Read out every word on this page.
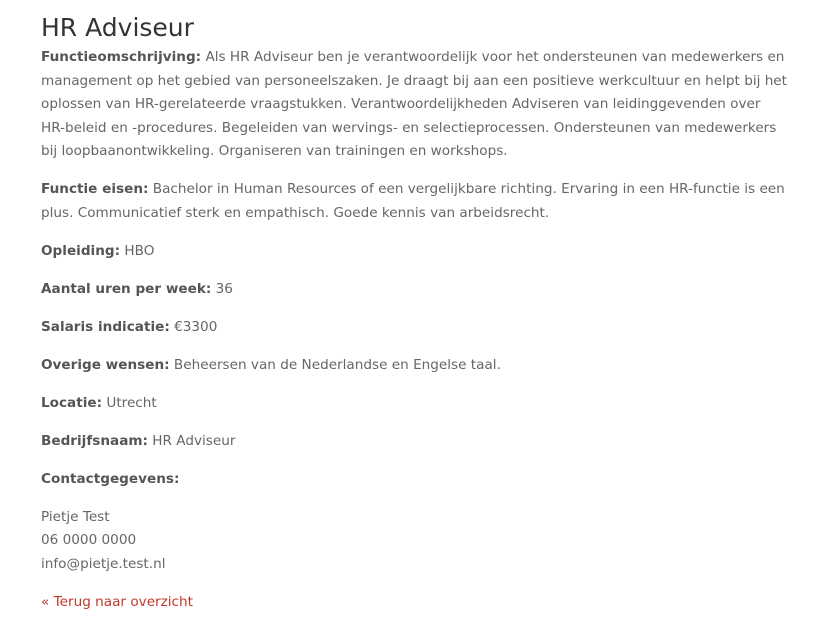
HR Adviseur

Functieomschrijving: Als HR Adviseur ben je verantwoordelijk voor het ondersteunen van medewerkers en management op het gebied van personeelszaken. Je draagt bij aan een positieve werkcultuur en helpt bij het oplossen van HR-gerelateerde vraagstukken. Verantwoordelijkheden Adviseren van leidinggevenden over HR-beleid en -procedures. Begeleiden van wervings- en selectieprocessen. Ondersteunen van medewerkers bij loopbaanontwikkeling. Organiseren van trainingen en workshops.

Functie eisen: Bachelor in Human Resources of een vergelijkbare richting. Ervaring in een HR-functie is een plus. Communicatief sterk en empathisch. Goede kennis van arbeidsrecht.

Opleiding: HBO

Aantal uren per week: 36

Salaris indicatie: €3300

Overige wensen: Beheersen van de Nederlandse en Engelse taal.

Locatie: Utrecht

Bedrijfsnaam: HR Adviseur

Contactgegevens:

Pietje Test
06 0000 0000
info@pietje.test.nl

« Terug naar overzicht
